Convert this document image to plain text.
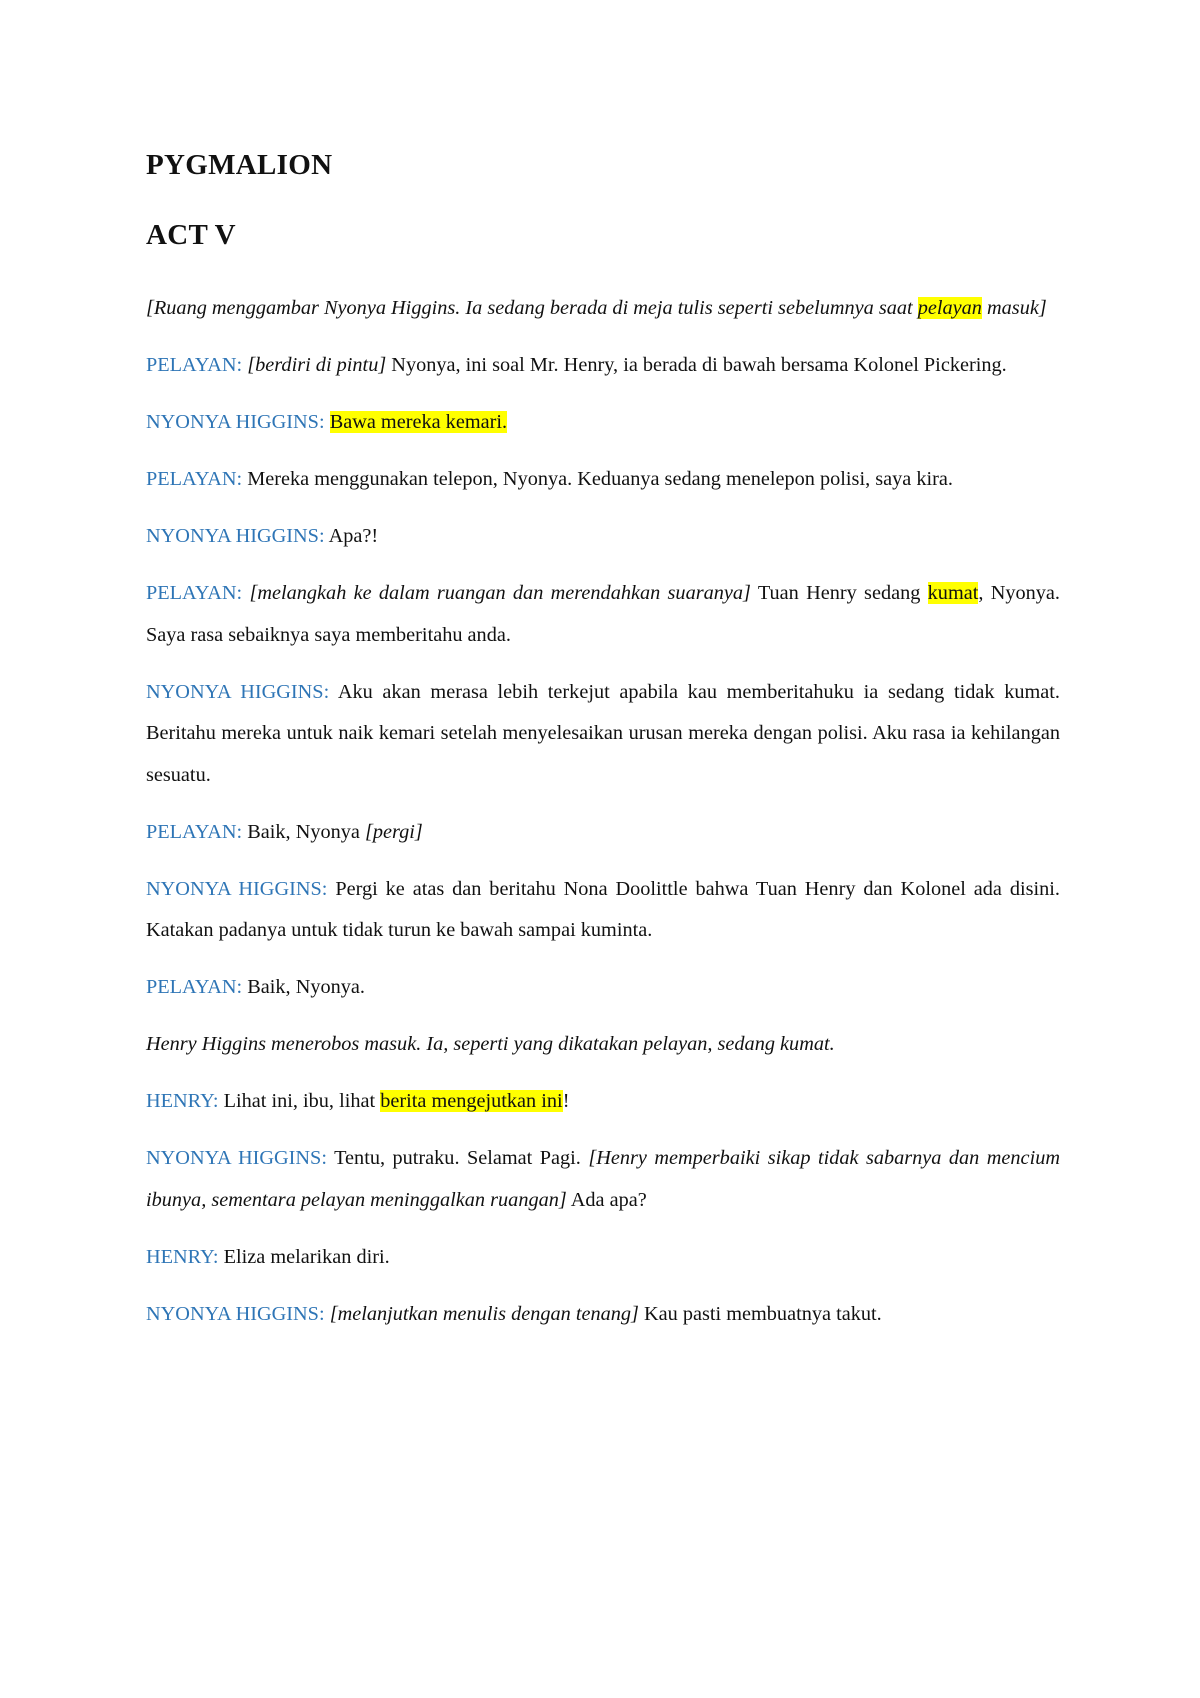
PYGMALION
ACT V

[Ruang menggambar Nyonya Higgins. Ia sedang berada di meja tulis seperti sebelumnya saat pelayan masuk]

PELAYAN: [berdiri di pintu] Nyonya, ini soal Mr. Henry, ia berada di bawah bersama Kolonel Pickering.

NYONYA HIGGINS: Bawa mereka kemari.

PELAYAN: Mereka menggunakan telepon, Nyonya. Keduanya sedang menelepon polisi, saya kira.

NYONYA HIGGINS: Apa?!

PELAYAN: [melangkah ke dalam ruangan dan merendahkan suaranya] Tuan Henry sedang kumat, Nyonya. Saya rasa sebaiknya saya memberitahu anda.

NYONYA HIGGINS: Aku akan merasa lebih terkejut apabila kau memberitahuku ia sedang tidak kumat. Beritahu mereka untuk naik kemari setelah menyelesaikan urusan mereka dengan polisi. Aku rasa ia kehilangan sesuatu.

PELAYAN: Baik, Nyonya [pergi]

NYONYA HIGGINS: Pergi ke atas dan beritahu Nona Doolittle bahwa Tuan Henry dan Kolonel ada disini. Katakan padanya untuk tidak turun ke bawah sampai kuminta.

PELAYAN: Baik, Nyonya.

Henry Higgins menerobos masuk. Ia, seperti yang dikatakan pelayan, sedang kumat.

HENRY: Lihat ini, ibu, lihat berita mengejutkan ini!

NYONYA HIGGINS: Tentu, putraku. Selamat Pagi. [Henry memperbaiki sikap tidak sabarnya dan mencium ibunya, sementara pelayan meninggalkan ruangan] Ada apa?

HENRY: Eliza melarikan diri.

NYONYA HIGGINS: [melanjutkan menulis dengan tenang] Kau pasti membuatnya takut.
